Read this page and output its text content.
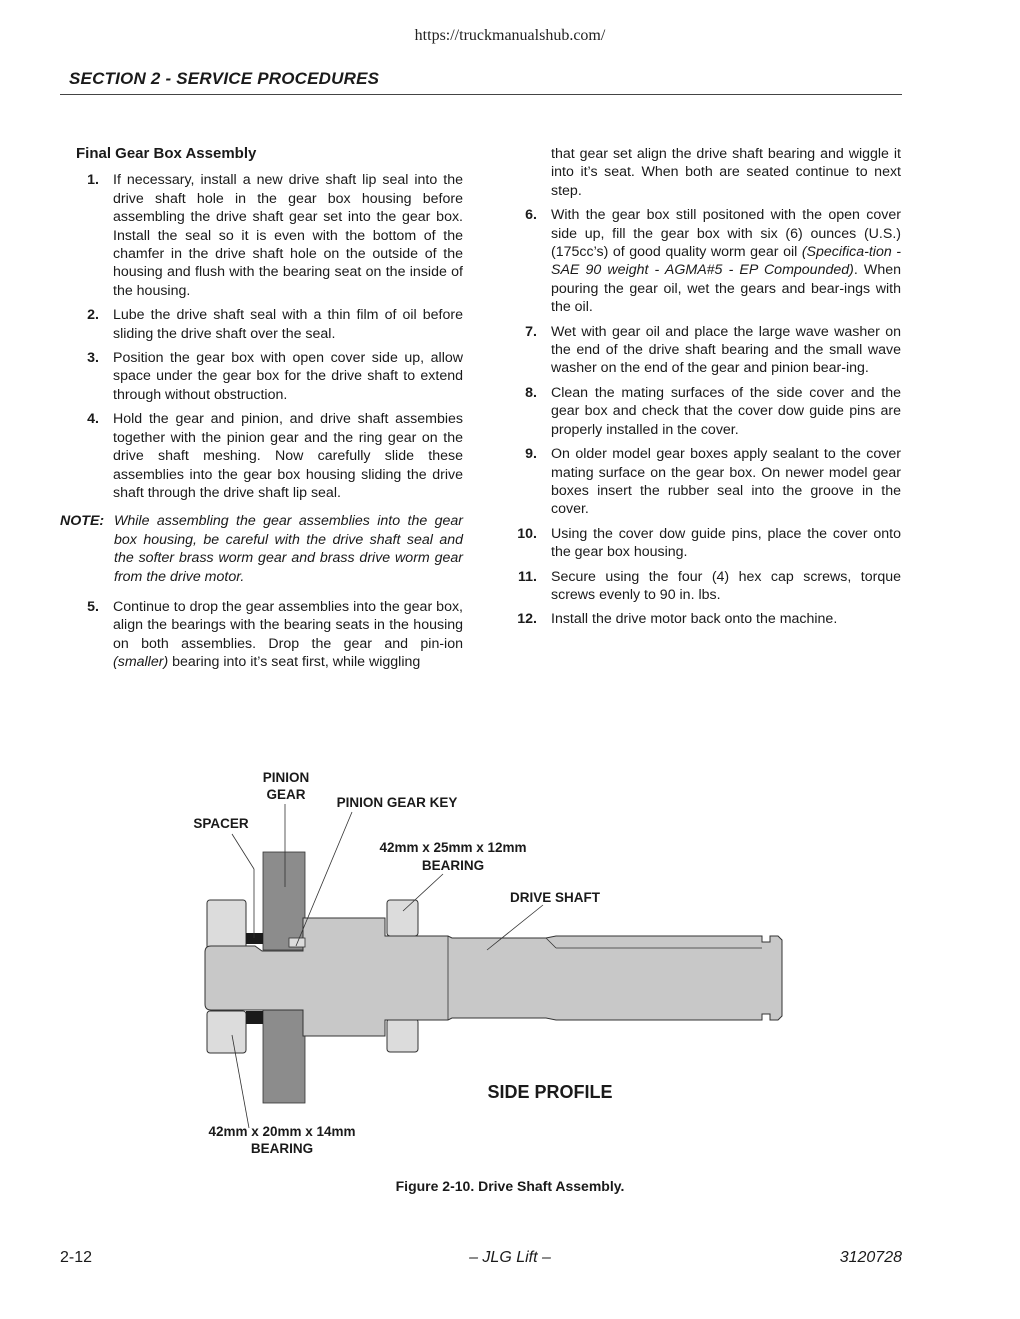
https://truckmanualshub.com/
SECTION 2 - SERVICE PROCEDURES
Final Gear Box Assembly
1. If necessary, install a new drive shaft lip seal into the drive shaft hole in the gear box housing before assembling the drive shaft gear set into the gear box. Install the seal so it is even with the bottom of the chamfer in the drive shaft hole on the outside of the housing and flush with the bearing seat on the inside of the housing.
2. Lube the drive shaft seal with a thin film of oil before sliding the drive shaft over the seal.
3. Position the gear box with open cover side up, allow space under the gear box for the drive shaft to extend through without obstruction.
4. Hold the gear and pinion, and drive shaft assembies together with the pinion gear and the ring gear on the drive shaft meshing. Now carefully slide these assemblies into the gear box housing sliding the drive shaft through the drive shaft lip seal.
NOTE: While assembling the gear assemblies into the gear box housing, be careful with the drive shaft seal and the softer brass worm gear and brass drive worm gear from the drive motor.
5. Continue to drop the gear assemblies into the gear box, align the bearings with the bearing seats in the housing on both assemblies. Drop the gear and pin-ion (smaller) bearing into it’s seat first, while wiggling
that gear set align the drive shaft bearing and wiggle it into it’s seat. When both are seated continue to next step.
6. With the gear box still positoned with the open cover side up, fill the gear box with six (6) ounces (U.S.) (175cc’s) of good quality worm gear oil (Specifica-tion - SAE 90 weight - AGMA#5 - EP Compounded). When pouring the gear oil, wet the gears and bear-ings with the oil.
7. Wet with gear oil and place the large wave washer on the end of the drive shaft bearing and the small wave washer on the end of the gear and pinion bear-ing.
8. Clean the mating surfaces of the side cover and the gear box and check that the cover dow guide pins are properly installed in the cover.
9. On older model gear boxes apply sealant to the cover mating surface on the gear box. On newer model gear boxes insert the rubber seal into the groove in the cover.
10. Using the cover dow guide pins, place the cover onto the gear box housing.
11. Secure using the four (4) hex cap screws, torque screws evenly to 90 in. lbs.
12. Install the drive motor back onto the machine.
PINION
GEAR
PINION GEAR KEY
SPACER
42mm x 25mm x 12mm
BEARING
DRIVE SHAFT
42mm x 20mm x 14mm
BEARING
SIDE PROFILE
Figure 2-10. Drive Shaft Assembly.
2-12	– JLG Lift –	3120728
